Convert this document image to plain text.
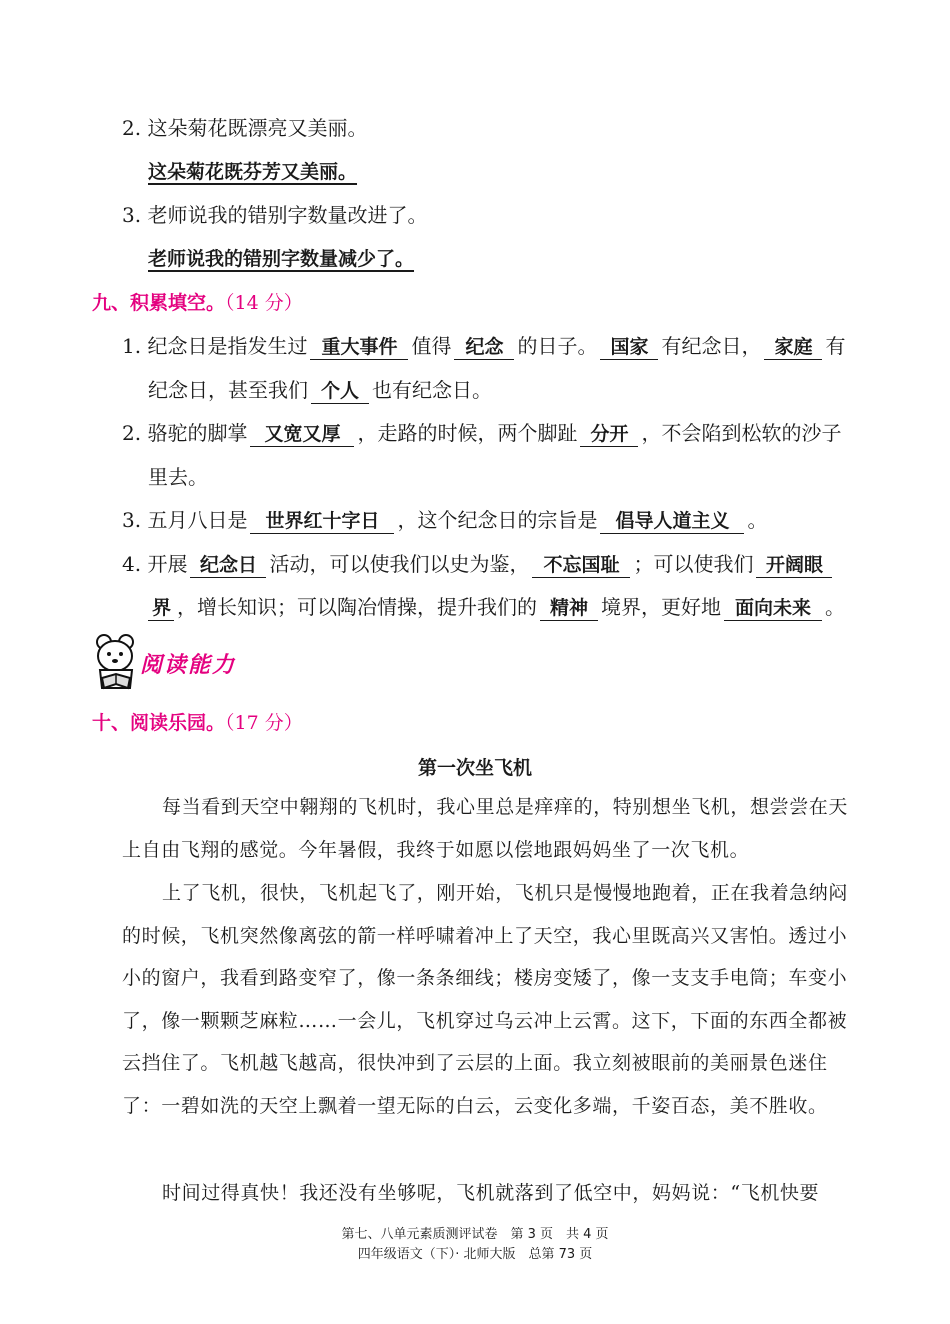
2. 这朵菊花既漂亮又美丽。
这朵菊花既芬芳又美丽。
3. 老师说我的错别字数量改进了。
老师说我的错别字数量减少了。
九、积累填空。（14 分）
1. 纪念日是指发生过 重大事件 值得 纪念 的日子。 国家 有纪念日， 家庭 有
纪念日，甚至我们 个人 也有纪念日。
2. 骆驼的脚掌 又宽又厚 ，走路的时候，两个脚趾 分开 ，不会陷到松软的沙子
里去。
3. 五月八日是 世界红十字日 ，这个纪念日的宗旨是 倡导人道主义 。
4. 开展 纪念日 活动，可以使我们以史为鉴， 不忘国耻 ；可以使我们 开阔眼
界 ，增长知识；可以陶冶情操，提升我们的 精神 境界，更好地 面向未来 。
阅读能力
十、阅读乐园。（17 分）
第一次坐飞机
每当看到天空中翱翔的飞机时，我心里总是痒痒的，特别想坐飞机，想尝尝在天上自由飞翔的感觉。今年暑假，我终于如愿以偿地跟妈妈坐了一次飞机。
上了飞机，很快，飞机起飞了，刚开始，飞机只是慢慢地跑着，正在我着急纳闷的时候，飞机突然像离弦的箭一样呼啸着冲上了天空，我心里既高兴又害怕。透过小小的窗户，我看到路变窄了，像一条条细线；楼房变矮了，像一支支手电筒；车变小了，像一颗颗芝麻粒……一会儿，飞机穿过乌云冲上云霄。这下，下面的东西全都被云挡住了。飞机越飞越高，很快冲到了云层的上面。我立刻被眼前的美丽景色迷住了：一碧如洗的天空上飘着一望无际的白云，云变化多端，千姿百态，美不胜收。
时间过得真快！我还没有坐够呢，飞机就落到了低空中，妈妈说：“飞机快要
第七、八单元素质测评试卷　第 3 页　共 4 页
四年级语文（下）· 北师大版　总第 73 页
